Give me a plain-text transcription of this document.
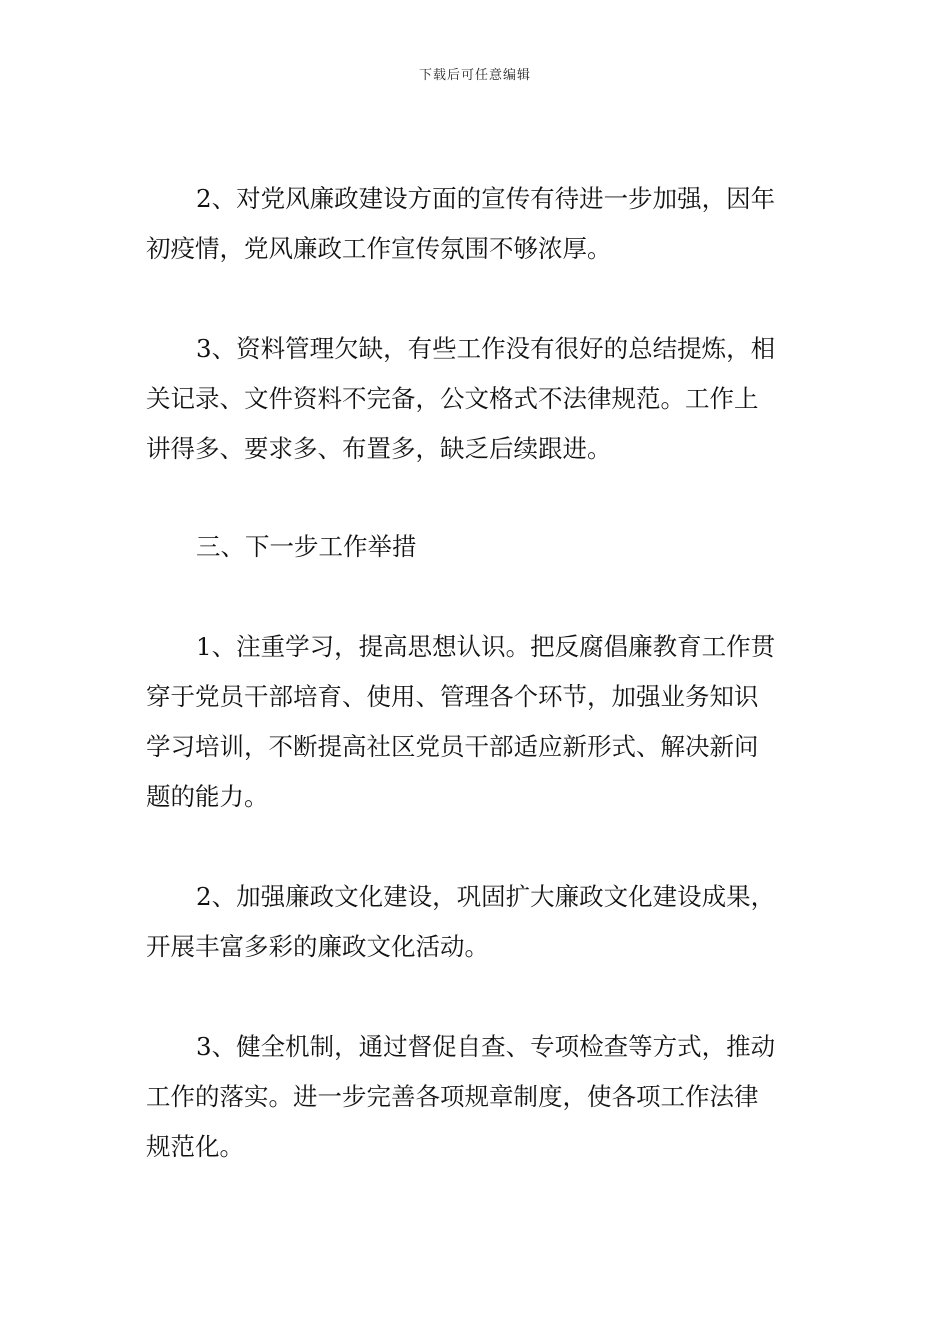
下载后可任意编辑
2、对党风廉政建设方面的宣传有待进一步加强，因年
初疫情，党风廉政工作宣传氛围不够浓厚。
3、资料管理欠缺，有些工作没有很好的总结提炼，相
关记录、文件资料不完备，公文格式不法律规范。工作上
讲得多、要求多、布置多，缺乏后续跟进。
三、下一步工作举措
1、注重学习，提高思想认识。把反腐倡廉教育工作贯
穿于党员干部培育、使用、管理各个环节，加强业务知识
学习培训，不断提高社区党员干部适应新形式、解决新问
题的能力。
2、加强廉政文化建设，巩固扩大廉政文化建设成果，
开展丰富多彩的廉政文化活动。
3、健全机制，通过督促自查、专项检查等方式，推动
工作的落实。进一步完善各项规章制度，使各项工作法律
规范化。
